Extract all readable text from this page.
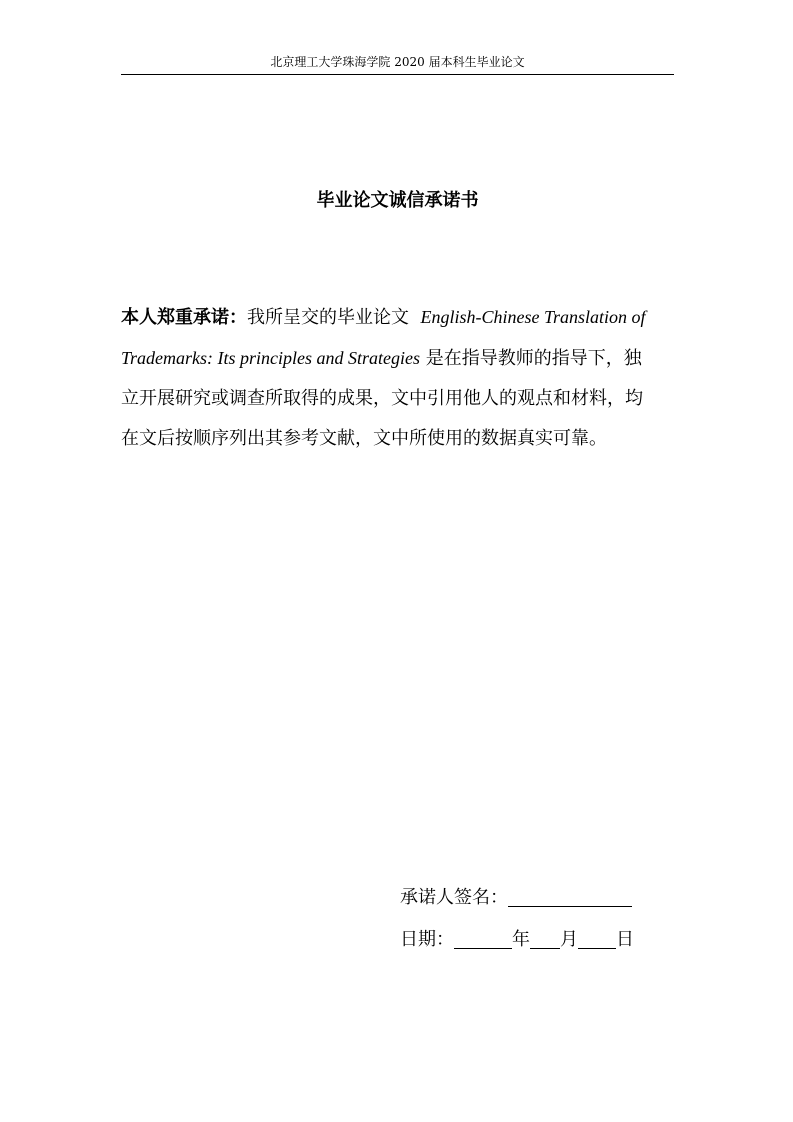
北京理工大学珠海学院 2020 届本科生毕业论文
毕业论文诚信承诺书
本人郑重承诺：我所呈交的毕业论文 English-Chinese Translation of Trademarks: Its principles and Strategies 是在指导教师的指导下，独立开展研究或调查所取得的成果，文中引用他人的观点和材料，均在文后按顺序列出其参考文献，文中所使用的数据真实可靠。
承诺人签名：
日期：	年 月 日
